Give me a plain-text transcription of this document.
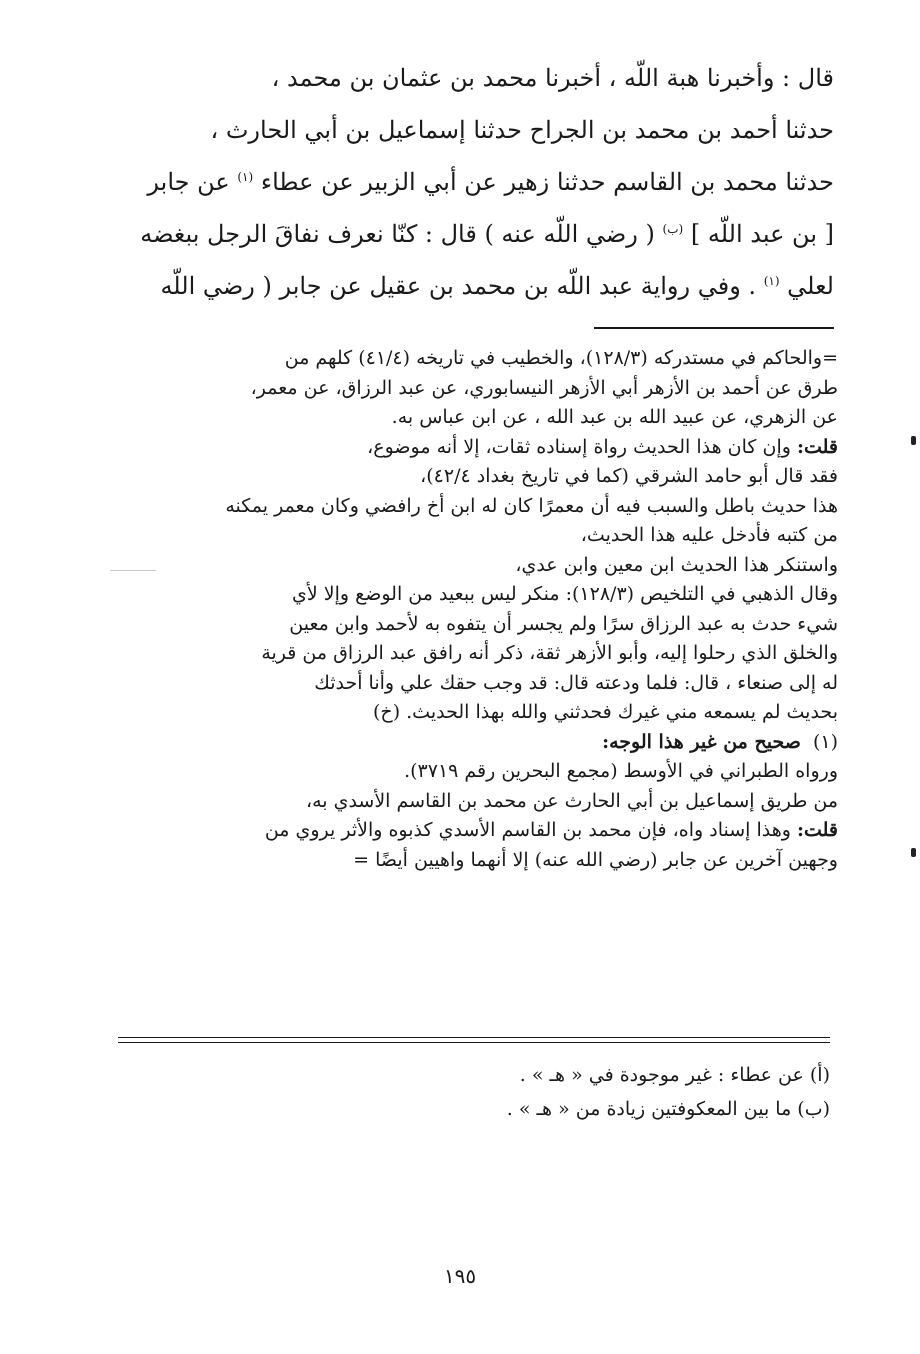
قال : وأخبرنا هبة اللّه ، أخبرنا محمد بن عثمان بن محمد ،
حدثنا أحمد بن محمد بن الجراح حدثنا إسماعيل بن أبي الحارث ،
حدثنا محمد بن القاسم حدثنا زهير عن أبي الزبير عن عطاء $^{(١)}$ عن جابر
[ بن عبد اللّه ] $^{(ب)}$ ( رضي اللّه عنه ) قال : كنّا نعرف نفاقَ الرجل ببغضه
لعلي $^{(١)}$ . وفي رواية عبد اللّه بن محمد بن عقيل عن جابر ( رضي اللّه
=والحاكم في مستدركه (١٢٨/٣)، والخطيب في تاريخه (٤١/٤) كلهم من
طرق عن أحمد بن الأزهر أبي الأزهر النيسابوري، عن عبد الرزاق، عن معمر،
عن الزهري، عن عبيد الله بن عبد الله ، عن ابن عباس به.
قلت: وإن كان هذا الحديث رواة إسناده ثقات، إلا أنه موضوع،
فقد قال أبو حامد الشرقي (كما في تاريخ بغداد ٤٢/٤)،
هذا حديث باطل والسبب فيه أن معمرًا كان له ابن أخ رافضي وكان معمر يمكنه
من كتبه فأدخل عليه هذا الحديث،
واستنكر هذا الحديث ابن معين وابن عدي،
وقال الذهبي في التلخيص (١٢٨/٣): منكر ليس ببعيد من الوضع وإلا لأي
شيء حدث به عبد الرزاق سرًا ولم يجسر أن يتفوه به لأحمد وابن معين
والخلق الذي رحلوا إليه، وأبو الأزهر ثقة، ذكر أنه رافق عبد الرزاق من قرية
له إلى صنعاء ، قال: فلما ودعته قال: قد وجب حقك علي وأنا أحدثك
بحديث لم يسمعه مني غيرك فحدثني والله بهذا الحديث. (خ)
(١)  صحيح من غير هذا الوجه:
ورواه الطبراني في الأوسط (مجمع البحرين رقم ٣٧١٩).
من طريق إسماعيل بن أبي الحارث عن محمد بن القاسم الأسدي به،
قلت: وهذا إسناد واه، فإن محمد بن القاسم الأسدي كذبوه والأثر يروي من
وجهين آخرين عن جابر (رضي الله عنه) إلا أنهما واهيين أيضًا =
(أ) عن عطاء : غير موجودة في « هـ » .
(ب) ما بين المعكوفتين زيادة من « هـ » .
١٩٥
